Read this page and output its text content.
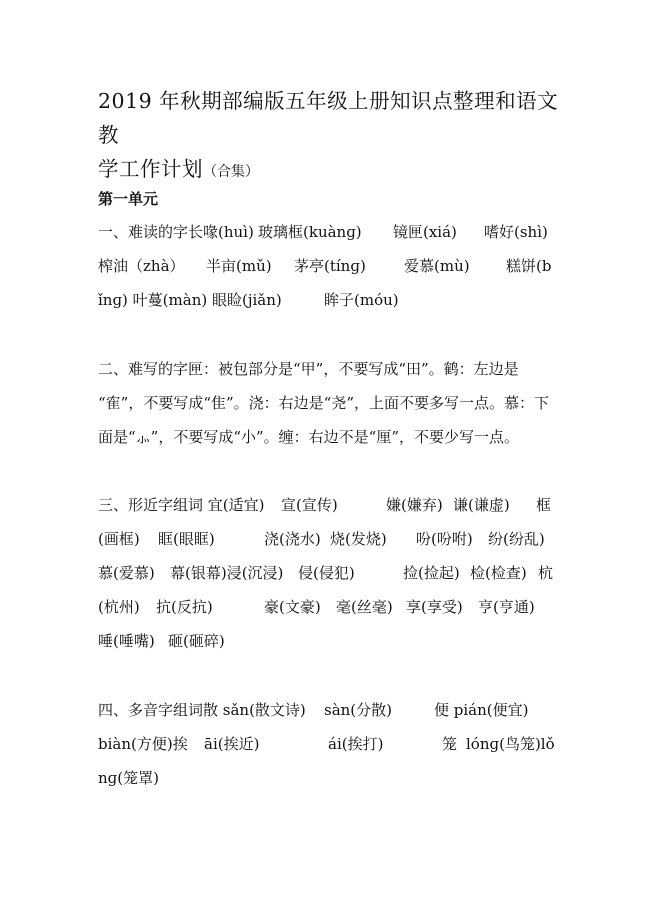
2019 年秋期部编版五年级上册知识点整理和语文教
学工作计划（合集）
第一单元
一、难读的字长喙(huì) 玻璃框(kuànɡ) 镜匣(xiá) 嗜好(shì)
榨油（zhà） 半亩(mǔ) 茅亭(tínɡ)	爱慕(mù) 糕饼(b
ǐnɡ) 叶蔓(màn) 眼睑(jiǎn)	眸子(móu)
二、难写的字匣：被包部分是“甲”，不要写成“田”。鹤：左边是
“隺”，不要写成“隹”。浇：右边是“尧”，上面不要多写一点。慕：下
面是“⺗”，不要写成“小”。缠：右边不是“厘”，不要少写一点。
三、形近字组词 宜(适宜) 宣(宣传)	嫌(嫌弃) 谦(谦虚) 框
(画框) 眶(眼眶)	浇(浇水) 烧(发烧) 吩(吩咐) 纷(纷乱)
慕(爱慕) 幕(银幕)浸(沉浸) 侵(侵犯)	捡(捡起) 检(检查) 杭
(杭州) 抗(反抗)	豪(文豪) 毫(丝毫) 享(享受) 亨(亨通)
唾(唾嘴) 砸(砸碎)
四、多音字组词散 sǎn(散文诗) sàn(分散)	便 pián(便宜)
biàn(方便)挨 āi(挨近)	ái(挨打)	笼 lónɡ(鸟笼)lǒ
nɡ(笼罩)
